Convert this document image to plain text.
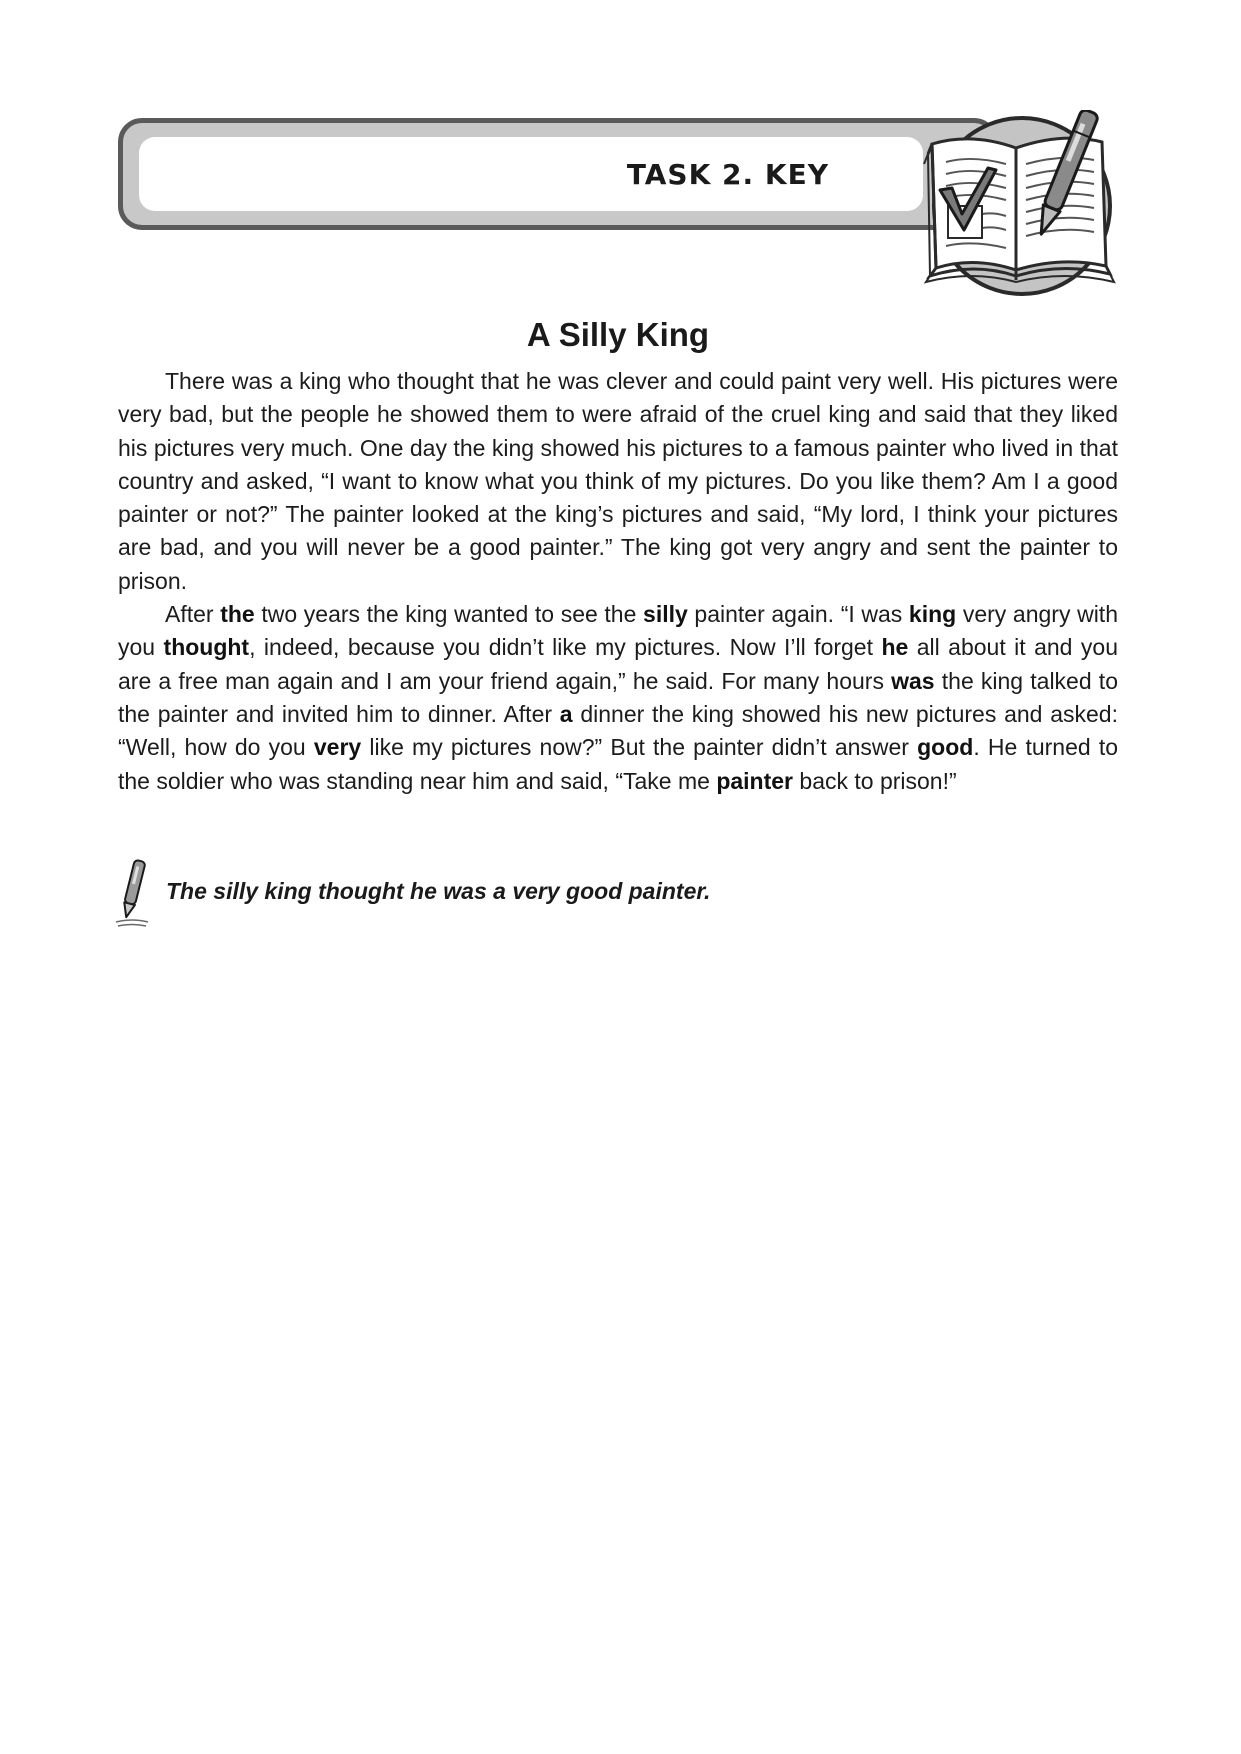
TASK 2. KEY
A Silly King

There was a king who thought that he was clever and could paint very well. His pictures were very bad, but the people he showed them to were afraid of the cruel king and said that they liked his pictures very much. One day the king showed his pictures to a famous painter who lived in that country and asked, “I want to know what you think of my pictures. Do you like them? Am I a good painter or not?” The painter looked at the king’s pictures and said, “My lord, I think your pictures are bad, and you will never be a good painter.” The king got very angry and sent the painter to prison.

After the two years the king wanted to see the silly painter again. “I was king very angry with you thought, indeed, because you didn’t like my pictures. Now I’ll forget he all about it and you are a free man again and I am your friend again,” he said. For many hours was the king talked to the painter and invited him to dinner. After a dinner the king showed his new pictures and asked: “Well, how do you very like my pictures now?” But the painter didn’t answer good. He turned to the soldier who was standing near him and said, “Take me painter back to prison!”

The silly king thought he was a very good painter.
